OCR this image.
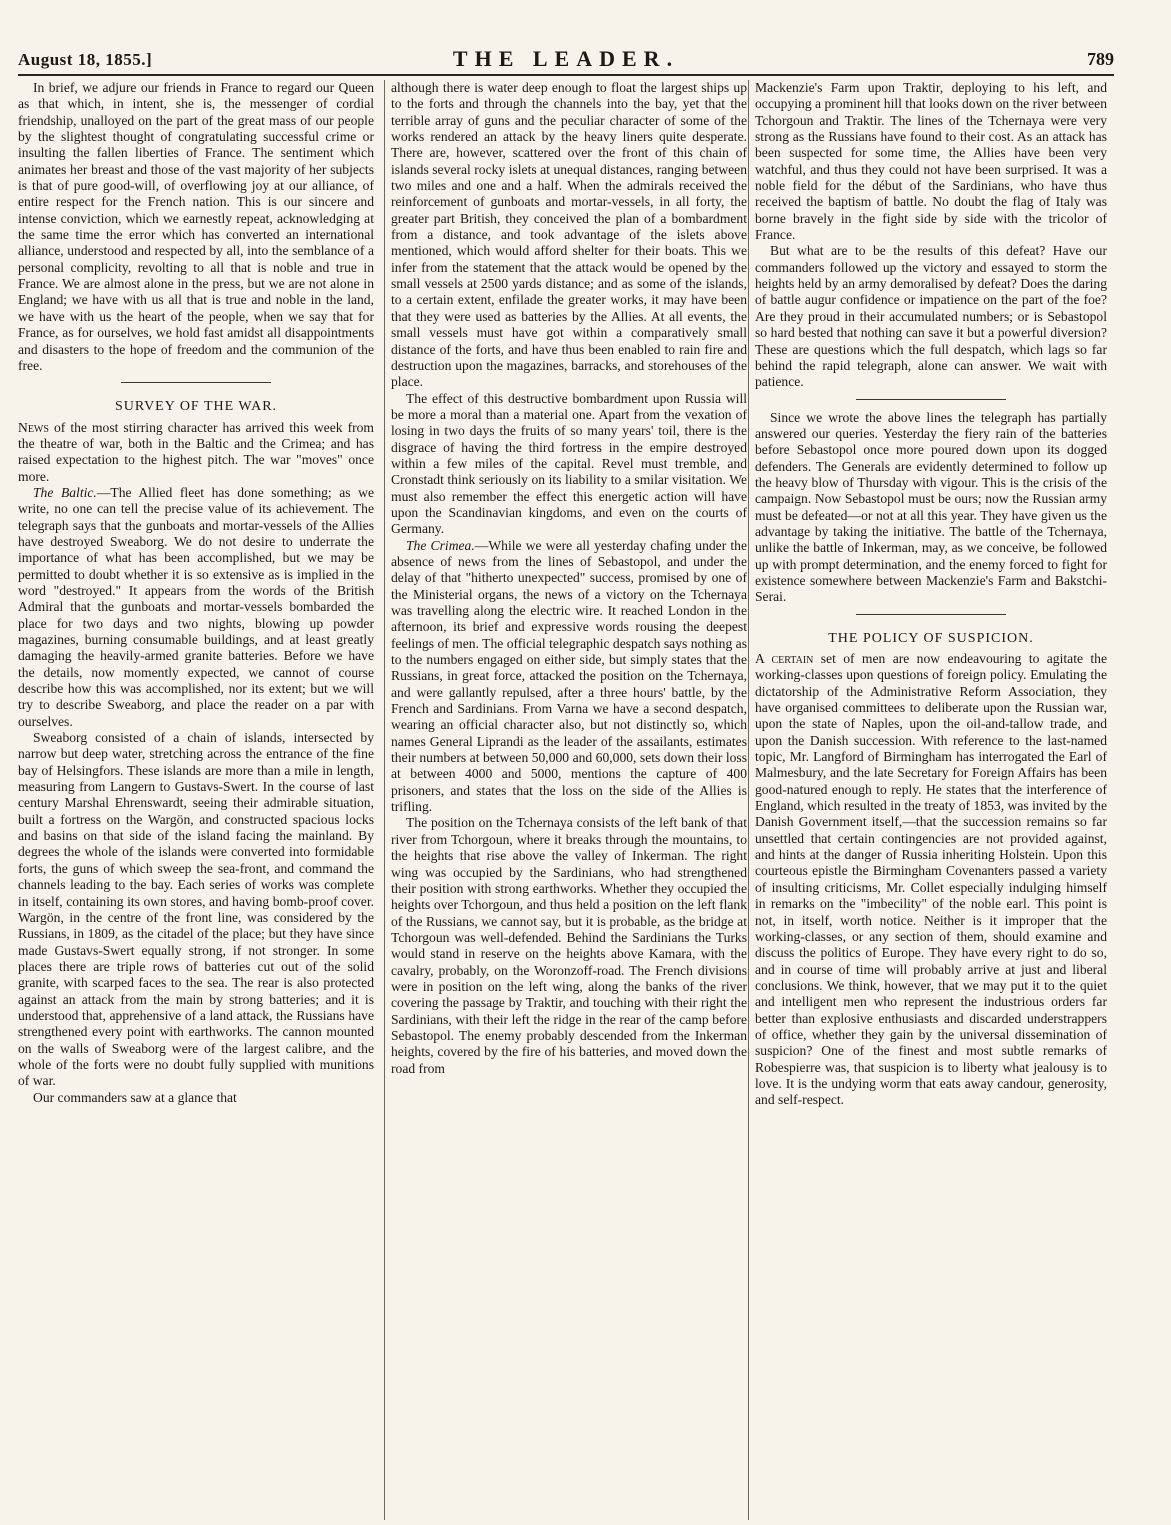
August 18, 1855.]	THE LEADER.	789

In brief, we adjure our friends in France to regard our Queen as that which, in intent, she is, the messenger of cordial friendship, unalloyed on the part of the great mass of our people by the slightest thought of congratulating successful crime or insulting the fallen liberties of France. The sentiment which animates her breast and those of the vast majority of her subjects is that of pure good-will, of overflowing joy at our alliance, of entire respect for the French nation. This is our sincere and intense conviction, which we earnestly repeat, acknowledging at the same time the error which has converted an international alliance, understood and respected by all, into the semblance of a personal complicity, revolting to all that is noble and true in France. We are almost alone in the press, but we are not alone in England; we have with us all that is true and noble in the land, we have with us the heart of the people, when we say that for France, as for ourselves, we hold fast amidst all disappointments and disasters to the hope of freedom and the communion of the free.

SURVEY OF THE WAR.

News of the most stirring character has arrived this week from the theatre of war, both in the Baltic and the Crimea; and has raised expectation to the highest pitch. The war "moves" once more.

The Baltic.—The Allied fleet has done something; as we write, no one can tell the precise value of its achievement. The telegraph says that the gunboats and mortar-vessels of the Allies have destroyed Sweaborg. We do not desire to underrate the importance of what has been accomplished, but we may be permitted to doubt whether it is so extensive as is implied in the word "destroyed." It appears from the words of the British Admiral that the gunboats and mortar-vessels bombarded the place for two days and two nights, blowing up powder magazines, burning consumable buildings, and at least greatly damaging the heavily-armed granite batteries. Before we have the details, now momently expected, we cannot of course describe how this was accomplished, nor its extent; but we will try to describe Sweaborg, and place the reader on a par with ourselves.

Sweaborg consisted of a chain of islands, intersected by narrow but deep water, stretching across the entrance of the fine bay of Helsingfors. These islands are more than a mile in length, measuring from Langern to Gustavs-Swert. In the course of last century Marshal Ehrenswardt, seeing their admirable situation, built a fortress on the Wargön, and constructed spacious locks and basins on that side of the island facing the mainland. By degrees the whole of the islands were converted into formidable forts, the guns of which sweep the sea-front, and command the channels leading to the bay. Each series of works was complete in itself, containing its own stores, and having bomb-proof cover. Wargön, in the centre of the front line, was considered by the Russians, in 1809, as the citadel of the place; but they have since made Gustavs-Swert equally strong, if not stronger. In some places there are triple rows of batteries cut out of the solid granite, with scarped faces to the sea. The rear is also protected against an attack from the main by strong batteries; and it is understood that, apprehensive of a land attack, the Russians have strengthened every point with earthworks. The cannon mounted on the walls of Sweaborg were of the largest calibre, and the whole of the forts were no doubt fully supplied with munitions of war.

Our commanders saw at a glance that

although there is water deep enough to float the largest ships up to the forts and through the channels into the bay, yet that the terrible array of guns and the peculiar character of some of the works rendered an attack by the heavy liners quite desperate. There are, however, scattered over the front of this chain of islands several rocky islets at unequal distances, ranging between two miles and one and a half. When the admirals received the reinforcement of gunboats and mortar-vessels, in all forty, the greater part British, they conceived the plan of a bombardment from a distance, and took advantage of the islets above mentioned, which would afford shelter for their boats. This we infer from the statement that the attack would be opened by the small vessels at 2500 yards distance; and as some of the islands, to a certain extent, enfilade the greater works, it may have been that they were used as batteries by the Allies. At all events, the small vessels must have got within a comparatively small distance of the forts, and have thus been enabled to rain fire and destruction upon the magazines, barracks, and storehouses of the place.

The effect of this destructive bombardment upon Russia will be more a moral than a material one. Apart from the vexation of losing in two days the fruits of so many years' toil, there is the disgrace of having the third fortress in the empire destroyed within a few miles of the capital. Revel must tremble, and Cronstadt think seriously on its liability to a smilar visitation. We must also remember the effect this energetic action will have upon the Scandinavian kingdoms, and even on the courts of Germany.

The Crimea.—While we were all yesterday chafing under the absence of news from the lines of Sebastopol, and under the delay of that "hitherto unexpected" success, promised by one of the Ministerial organs, the news of a victory on the Tchernaya was travelling along the electric wire. It reached London in the afternoon, its brief and expressive words rousing the deepest feelings of men. The official telegraphic despatch says nothing as to the numbers engaged on either side, but simply states that the Russians, in great force, attacked the position on the Tchernaya, and were gallantly repulsed, after a three hours' battle, by the French and Sardinians. From Varna we have a second despatch, wearing an official character also, but not distinctly so, which names General Liprandi as the leader of the assailants, estimates their numbers at between 50,000 and 60,000, sets down their loss at between 4000 and 5000, mentions the capture of 400 prisoners, and states that the loss on the side of the Allies is trifling.

The position on the Tchernaya consists of the left bank of that river from Tchorgoun, where it breaks through the mountains, to the heights that rise above the valley of Inkerman. The right wing was occupied by the Sardinians, who had strengthened their position with strong earthworks. Whether they occupied the heights over Tchorgoun, and thus held a position on the left flank of the Russians, we cannot say, but it is probable, as the bridge at Tchorgoun was well-defended. Behind the Sardinians the Turks would stand in reserve on the heights above Kamara, with the cavalry, probably, on the Woronzoff-road. The French divisions were in position on the left wing, along the banks of the river covering the passage by Traktir, and touching with their right the Sardinians, with their left the ridge in the rear of the camp before Sebastopol. The enemy probably descended from the Inkerman heights, covered by the fire of his batteries, and moved down the road from

Mackenzie's Farm upon Traktir, deploying to his left, and occupying a prominent hill that looks down on the river between Tchorgoun and Traktir. The lines of the Tchernaya were very strong as the Russians have found to their cost. As an attack has been suspected for some time, the Allies have been very watchful, and thus they could not have been surprised. It was a noble field for the début of the Sardinians, who have thus received the baptism of battle. No doubt the flag of Italy was borne bravely in the fight side by side with the tricolor of France.

But what are to be the results of this defeat? Have our commanders followed up the victory and essayed to storm the heights held by an army demoralised by defeat? Does the daring of battle augur confidence or impatience on the part of the foe? Are they proud in their accumulated numbers; or is Sebastopol so hard bested that nothing can save it but a powerful diversion? These are questions which the full despatch, which lags so far behind the rapid telegraph, alone can answer. We wait with patience.

Since we wrote the above lines the telegraph has partially answered our queries. Yesterday the fiery rain of the batteries before Sebastopol once more poured down upon its dogged defenders. The Generals are evidently determined to follow up the heavy blow of Thursday with vigour. This is the crisis of the campaign. Now Sebastopol must be ours; now the Russian army must be defeated—or not at all this year. They have given us the advantage by taking the initiative. The battle of the Tchernaya, unlike the battle of Inkerman, may, as we conceive, be followed up with prompt determination, and the enemy forced to fight for existence somewhere between Mackenzie's Farm and Bakstchi-Serai.

THE POLICY OF SUSPICION.

A certain set of men are now endeavouring to agitate the working-classes upon questions of foreign policy. Emulating the dictatorship of the Administrative Reform Association, they have organised committees to deliberate upon the Russian war, upon the state of Naples, upon the oil-and-tallow trade, and upon the Danish succession. With reference to the last-named topic, Mr. Langford of Birmingham has interrogated the Earl of Malmesbury, and the late Secretary for Foreign Affairs has been good-natured enough to reply. He states that the interference of England, which resulted in the treaty of 1853, was invited by the Danish Government itself,—that the succession remains so far unsettled that certain contingencies are not provided against, and hints at the danger of Russia inheriting Holstein. Upon this courteous epistle the Birmingham Covenanters passed a variety of insulting criticisms, Mr. Collet especially indulging himself in remarks on the "imbecility" of the noble earl. This point is not, in itself, worth notice. Neither is it improper that the working-classes, or any section of them, should examine and discuss the politics of Europe. They have every right to do so, and in course of time will probably arrive at just and liberal conclusions. We think, however, that we may put it to the quiet and intelligent men who represent the industrious orders far better than explosive enthusiasts and discarded understrappers of office, whether they gain by the universal dissemination of suspicion? One of the finest and most subtle remarks of Robespierre was, that suspicion is to liberty what jealousy is to love. It is the undying worm that eats away candour, generosity, and self-respect.
